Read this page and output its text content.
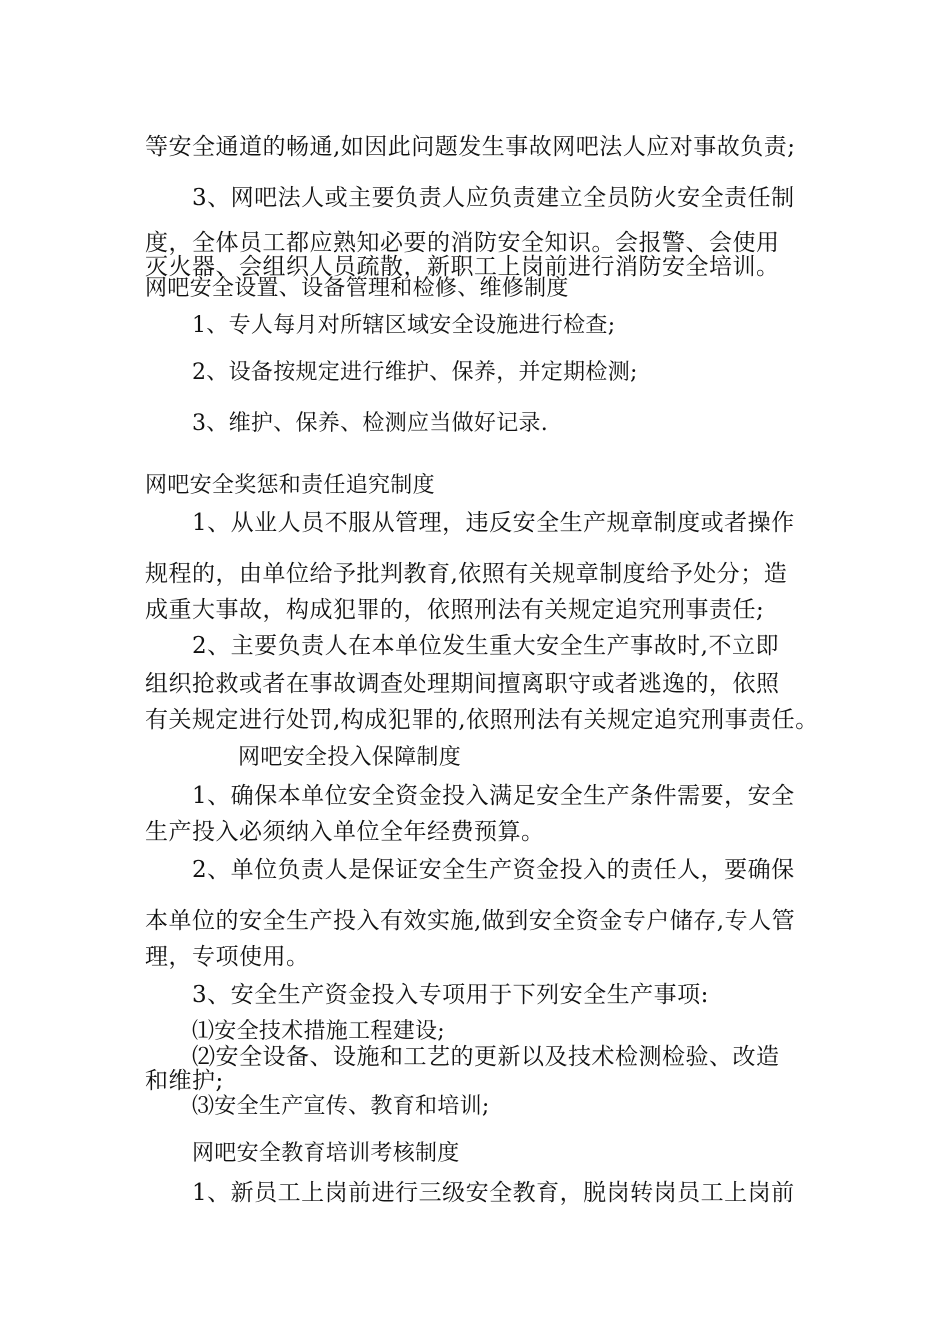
等安全通道的畅通,如因此问题发生事故网吧法人应对事故负责;
3、网吧法人或主要负责人应负责建立全员防火安全责任制
度，全体员工都应熟知必要的消防安全知识。会报警、会使用
灭火器、会组织人员疏散，新职工上岗前进行消防安全培训。
网吧安全设置、设备管理和检修、维修制度
1、专人每月对所辖区域安全设施进行检查;
2、设备按规定进行维护、保养，并定期检测;
3、维护、保养、检测应当做好记录.
网吧安全奖惩和责任追究制度
1、从业人员不服从管理，违反安全生产规章制度或者操作
规程的，由单位给予批判教育,依照有关规章制度给予处分；造
成重大事故，构成犯罪的，依照刑法有关规定追究刑事责任;
2、主要负责人在本单位发生重大安全生产事故时,不立即
组织抢救或者在事故调查处理期间擅离职守或者逃逸的，依照
有关规定进行处罚,构成犯罪的,依照刑法有关规定追究刑事责任。
网吧安全投入保障制度
1、确保本单位安全资金投入满足安全生产条件需要，安全
生产投入必须纳入单位全年经费预算。
2、单位负责人是保证安全生产资金投入的责任人，要确保
本单位的安全生产投入有效实施,做到安全资金专户储存,专人管
理，专项使用。
3、安全生产资金投入专项用于下列安全生产事项:
⑴安全技术措施工程建设;
⑵安全设备、设施和工艺的更新以及技术检测检验、改造
和维护;
⑶安全生产宣传、教育和培训;
网吧安全教育培训考核制度
1、新员工上岗前进行三级安全教育，脱岗转岗员工上岗前
